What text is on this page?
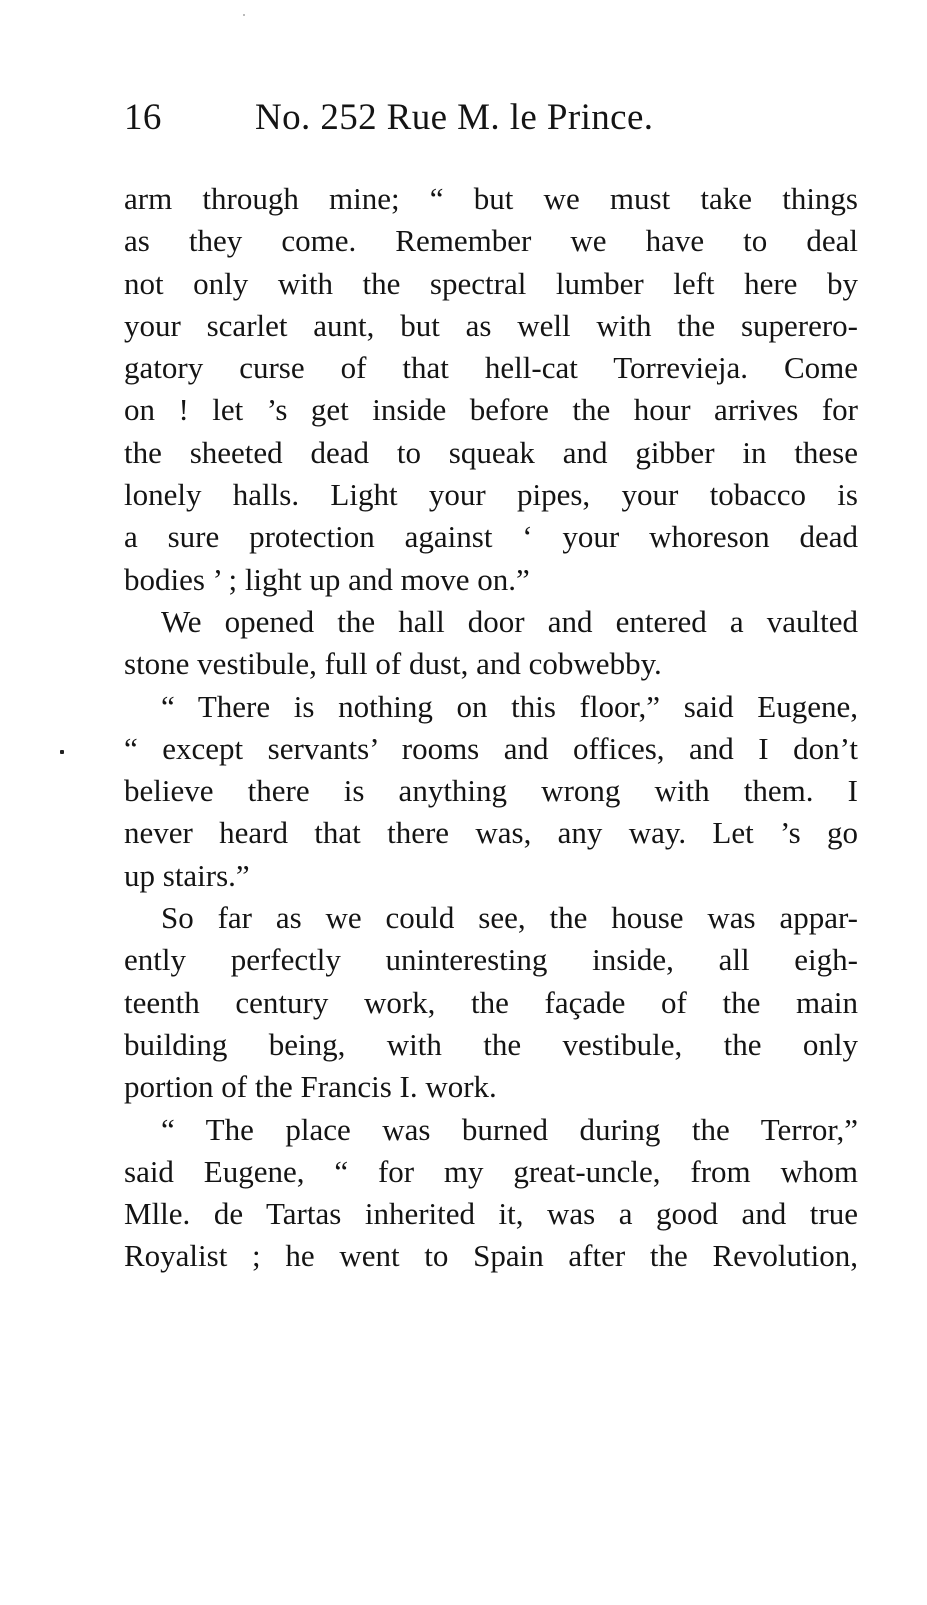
16	No. 252 Rue M. le Prince.
arm through mine; “ but we must take things
as they come. Remember we have to deal
not only with the spectral lumber left here by
your scarlet aunt, but as well with the superero-
gatory curse of that hell-cat Torrevieja. Come
on ! let ’s get inside before the hour arrives for
the sheeted dead to squeak and gibber in these
lonely halls. Light your pipes, your tobacco is
a sure protection against ‘ your whoreson dead
bodies ’ ; light up and move on.”
We opened the hall door and entered a vaulted
stone vestibule, full of dust, and cobwebby.
“ There is nothing on this floor,” said Eugene,
“ except servants’ rooms and offices, and I don’t
believe there is anything wrong with them. I
never heard that there was, any way. Let ’s go
up stairs.”
So far as we could see, the house was appar-
ently perfectly uninteresting inside, all eigh-
teenth century work, the façade of the main
building being, with the vestibule, the only
portion of the Francis I. work.
“ The place was burned during the Terror,”
said Eugene, “ for my great-uncle, from whom
Mlle. de Tartas inherited it, was a good and true
Royalist ; he went to Spain after the Revolution,
